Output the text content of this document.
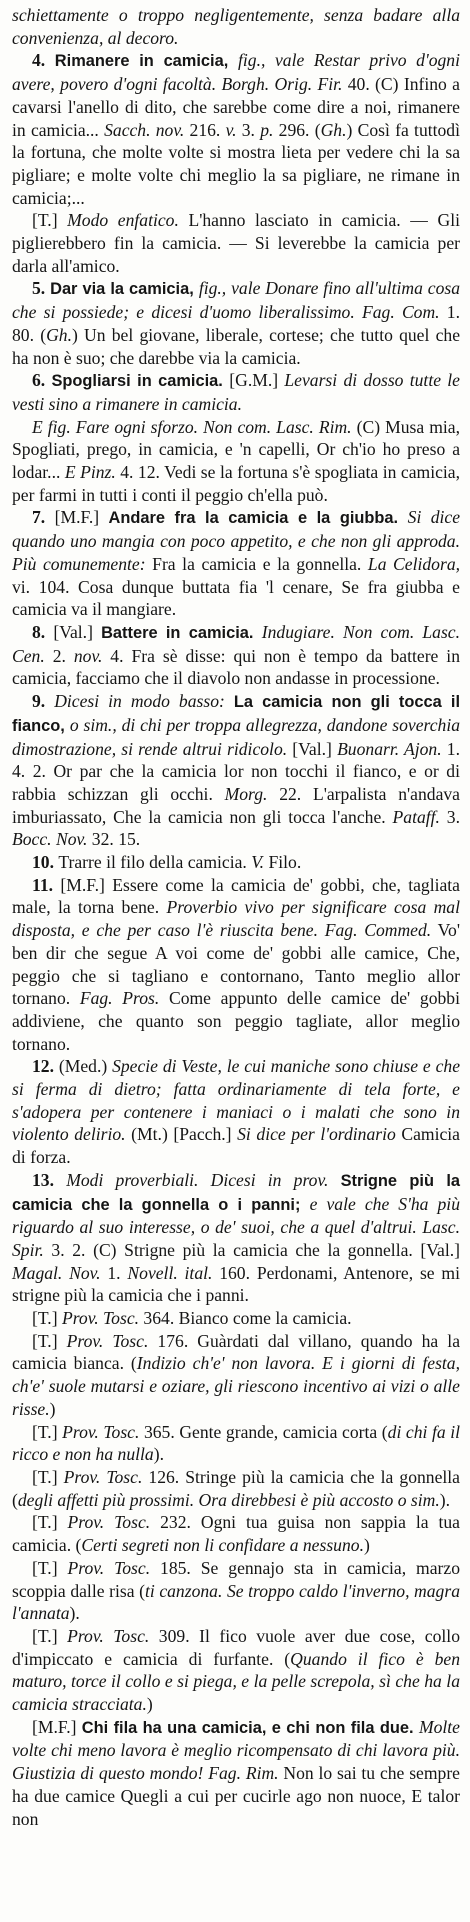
schiettamente o troppo negligentemente, senza badare alla convenienza, al decoro.

4. Rimanere in camicia, fig., vale Restar privo d'ogni avere, povero d'ogni facoltà. Borgh. Orig. Fir. 40. (C) Infino a cavarsi l'anello di dito, che sarebbe come dire a noi, rimanere in camicia... Sacch. nov. 216. v. 3. p. 296. (Gh.) Così fa tuttodì la fortuna, che molte volte si mostra lieta per vedere chi la sa pigliare; e molte volte chi meglio la sa pigliare, ne rimane in camicia;...

[T.] Modo enfatico. L'hanno lasciato in camicia. — Gli piglierebbero fin la camicia. — Si leverebbe la camicia per darla all'amico.

5. Dar via la camicia, fig., vale Donare fino all'ultima cosa che si possiede; e dicesi d'uomo liberalissimo. Fag. Com. 1. 80. (Gh.) Un bel giovane, liberale, cortese; che tutto quel che ha non è suo; che darebbe via la camicia.

6. Spogliarsi in camicia. [G.M.] Levarsi di dosso tutte le vesti sino a rimanere in camicia.

E fig. Fare ogni sforzo. Non com. Lasc. Rim. (C) Musa mia, Spogliati, prego, in camicia, e 'n capelli, Or ch'io ho preso a lodar... E Pinz. 4. 12. Vedi se la fortuna s'è spogliata in camicia, per farmi in tutti i conti il peggio ch'ella può.

7. [M.F.] Andare fra la camicia e la giubba. Si dice quando uno mangia con poco appetito, e che non gli approda. Più comunemente: Fra la camicia e la gonnella. La Celidora, vi. 104. Cosa dunque buttata fia 'l cenare, Se fra giubba e camicia va il mangiare.

8. [Val.] Battere in camicia. Indugiare. Non com. Lasc. Cen. 2. nov. 4. Fra sè disse: qui non è tempo da battere in camicia, facciamo che il diavolo non andasse in processione.

9. Dicesi in modo basso: La camicia non gli tocca il fianco, o sim., di chi per troppa allegrezza, dandone soverchia dimostrazione, si rende altrui ridicolo. [Val.] Buonarr. Ajon. 1. 4. 2. Or par che la camicia lor non tocchi il fianco, e or di rabbia schizzan gli occhi. Morg. 22. L'arpalista n'andava imburiassato, Che la camicia non gli tocca l'anche. Pataff. 3. Bocc. Nov. 32. 15.

10. Trarre il filo della camicia. V. Filo.

11. [M.F.] Essere come la camicia de' gobbi, che, tagliata male, la torna bene. Proverbio vivo per significare cosa mal disposta, e che per caso l'è riuscita bene. Fag. Commed. Vo' ben dir che segue A voi come de' gobbi alle camice, Che, peggio che si tagliano e contornano, Tanto meglio allor tornano. Fag. Pros. Come appunto delle camice de' gobbi addiviene, che quanto son peggio tagliate, allor meglio tornano.

12. (Med.) Specie di Veste, le cui maniche sono chiuse e che si ferma di dietro; fatta ordinariamente di tela forte, e s'adopera per contenere i maniaci o i malati che sono in violento delirio. (Mt.) [Pacch.] Si dice per l'ordinario Camicia di forza.

13. Modi proverbiali. Dicesi in prov. Strigne più la camicia che la gonnella o i panni; e vale che S'ha più riguardo al suo interesse, o de' suoi, che a quel d'altrui. Lasc. Spir. 3. 2. (C) Strigne più la camicia che la gonnella. [Val.] Magal. Nov. 1. Novell. ital. 160. Perdonami, Antenore, se mi strigne più la camicia che i panni.

[T.] Prov. Tosc. 364. Bianco come la camicia.

[T.] Prov. Tosc. 176. Guàrdati dal villano, quando ha la camicia bianca. (Indizio ch'e' non lavora. E i giorni di festa, ch'e' suole mutarsi e oziare, gli riescono incentivo ai vizi o alle risse.)

[T.] Prov. Tosc. 365. Gente grande, camicia corta (di chi fa il ricco e non ha nulla).

[T.] Prov. Tosc. 126. Stringe più la camicia che la gonnella (degli affetti più prossimi. Ora direbbesi è più accosto o sim.).

[T.] Prov. Tosc. 232. Ogni tua guisa non sappia la tua camicia. (Certi segreti non li confidare a nessuno.)

[T.] Prov. Tosc. 185. Se gennajo sta in camicia, marzo scoppia dalle risa (ti canzona. Se troppo caldo l'inverno, magra l'annata).

[T.] Prov. Tosc. 309. Il fico vuole aver due cose, collo d'impiccato e camicia di furfante. (Quando il fico è ben maturo, torce il collo e si piega, e la pelle screpola, sì che ha la camicia stracciata.)

[M.F.] Chi fila ha una camicia, e chi non fila due. Molte volte chi meno lavora è meglio ricompensato di chi lavora più. Giustizia di questo mondo! Fag. Rim. Non lo sai tu che sempre ha due camice Quegli a cui per cucirle ago non nuoce, E talor non
